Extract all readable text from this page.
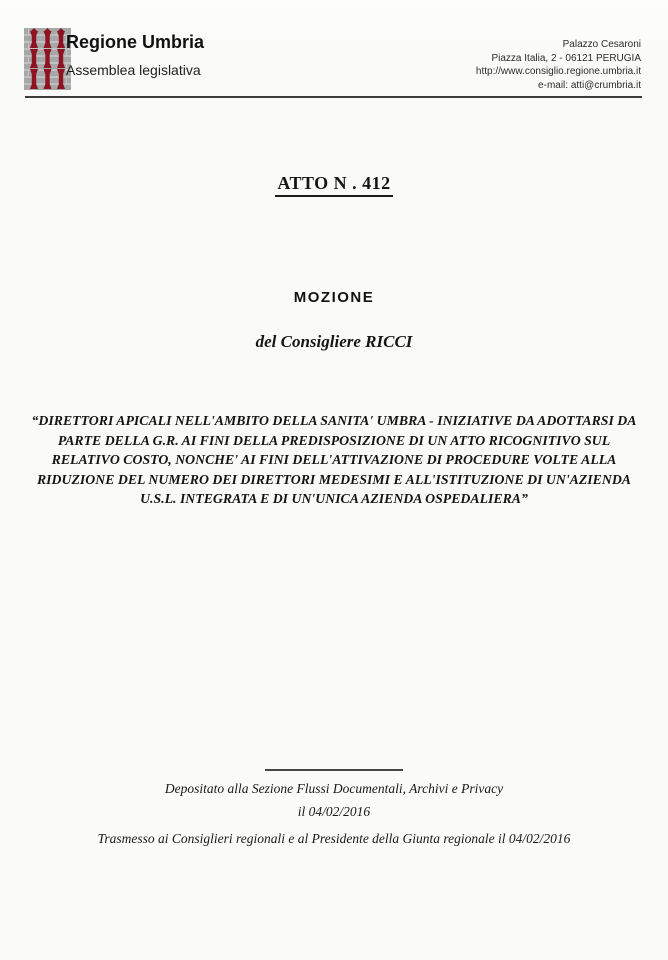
Regione Umbria
Assemblea legislativa
Palazzo Cesaroni
Piazza Italia, 2 - 06121 PERUGIA
http://www.consiglio.regione.umbria.it
e-mail: atti@crumbria.it
ATTO N . 412
MOZIONE
del Consigliere RICCI
“DIRETTORI APICALI NELL'AMBITO DELLA SANITA' UMBRA - INIZIATIVE DA ADOTTARSI DA
PARTE DELLA G.R. AI FINI DELLA PREDISPOSIZIONE DI UN ATTO RICOGNITIVO SUL
RELATIVO COSTO, NONCHE' AI FINI DELL'ATTIVAZIONE DI PROCEDURE VOLTE ALLA
RIDUZIONE DEL NUMERO DEI DIRETTORI MEDESIMI E ALL'ISTITUZIONE DI UN'AZIENDA
U.S.L. INTEGRATA E DI UN'UNICA AZIENDA OSPEDALIERA”
Depositato alla Sezione Flussi Documentali, Archivi e Privacy
il 04/02/2016
Trasmesso ai Consiglieri regionali e al Presidente della Giunta regionale il 04/02/2016
